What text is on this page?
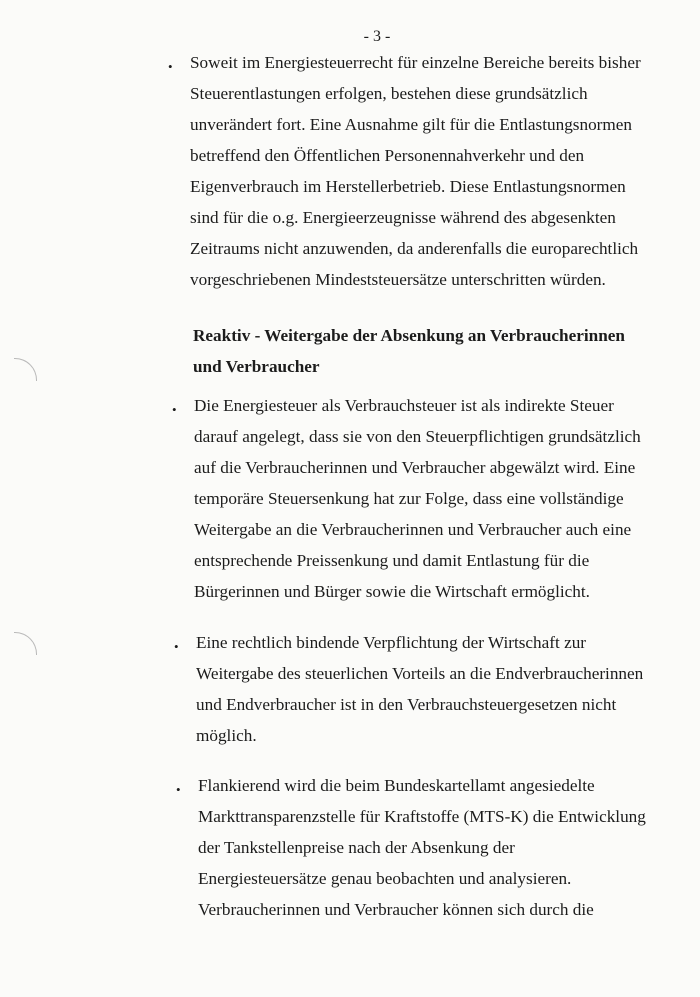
- 3 -
• Soweit im Energiesteuerrecht für einzelne Bereiche bereits bisher
Steuerentlastungen erfolgen, bestehen diese grundsätzlich
unverändert fort. Eine Ausnahme gilt für die Entlastungsnormen
betreffend den Öffentlichen Personennahverkehr und den
Eigenverbrauch im Herstellerbetrieb. Diese Entlastungsnormen
sind für die o.g. Energieerzeugnisse während des abgesenkten
Zeitraums nicht anzuwenden, da anderenfalls die europarechtlich
vorgeschriebenen Mindeststeuersätze unterschritten würden.
Reaktiv - Weitergabe der Absenkung an Verbraucherinnen
und Verbraucher
• Die Energiesteuer als Verbrauchsteuer ist als indirekte Steuer
darauf angelegt, dass sie von den Steuerpflichtigen grundsätzlich
auf die Verbraucherinnen und Verbraucher abgewälzt wird. Eine
temporäre Steuersenkung hat zur Folge, dass eine vollständige
Weitergabe an die Verbraucherinnen und Verbraucher auch eine
entsprechende Preissenkung und damit Entlastung für die
Bürgerinnen und Bürger sowie die Wirtschaft ermöglicht.
• Eine rechtlich bindende Verpflichtung der Wirtschaft zur
Weitergabe des steuerlichen Vorteils an die Endverbraucherinnen
und Endverbraucher ist in den Verbrauchsteuergesetzen nicht
möglich.
• Flankierend wird die beim Bundeskartellamt angesiedelte
Markttransparenzstelle für Kraftstoffe (MTS-K) die Entwicklung
der Tankstellenpreise nach der Absenkung der
Energiesteuersätze genau beobachten und analysieren.
Verbraucherinnen und Verbraucher können sich durch die
